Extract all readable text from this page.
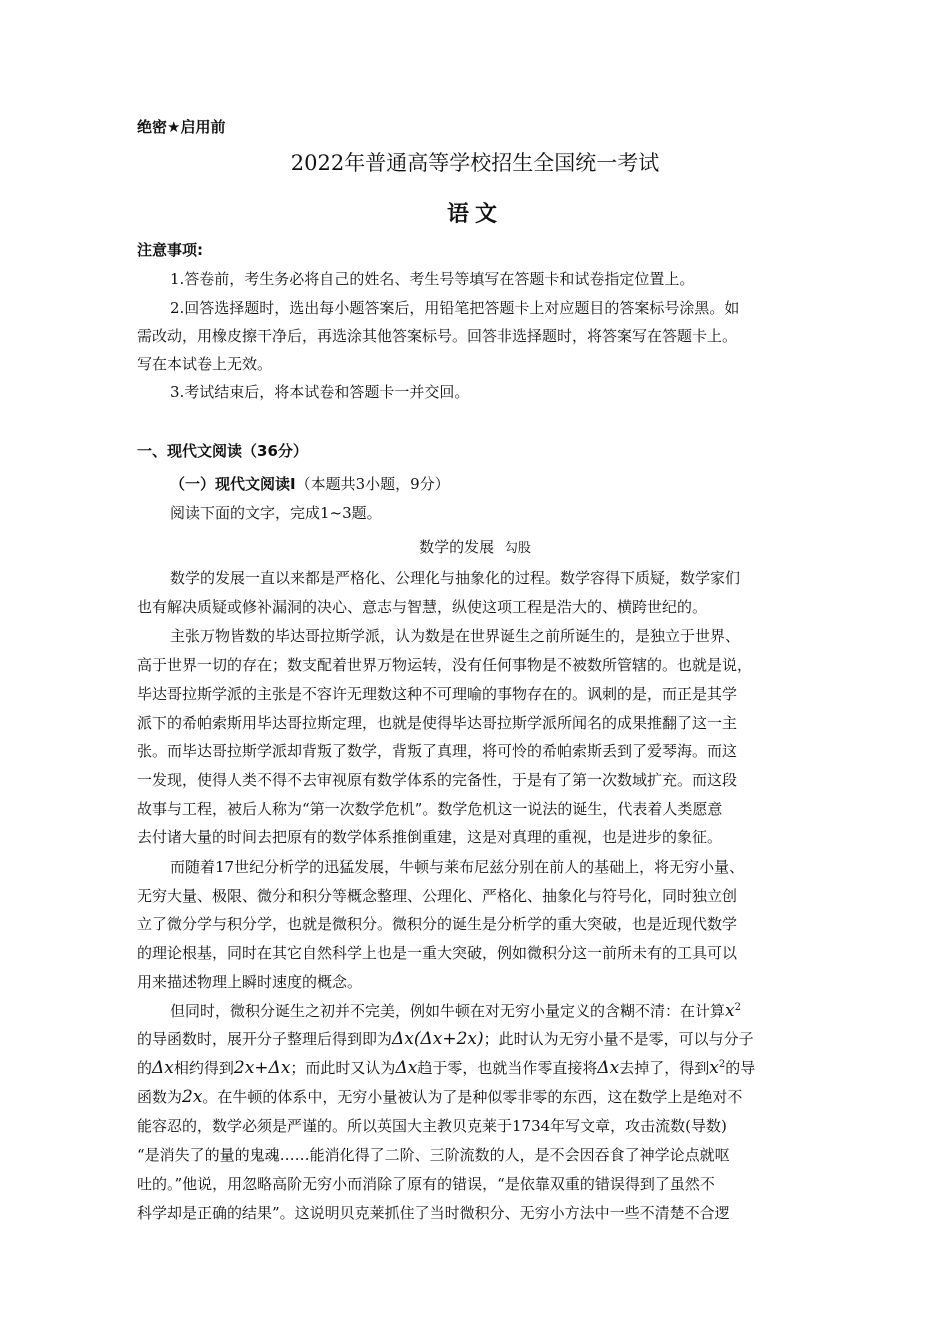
绝密★启用前
2022年普通高等学校招生全国统一考试
语文
注意事项:
1.答卷前，考生务必将自己的姓名、考生号等填写在答题卡和试卷指定位置上。
2.回答选择题时，选出每小题答案后，用铅笔把答题卡上对应题目的答案标号涂黑。如
需改动，用橡皮擦干净后，再选涂其他答案标号。回答非选择题时，将答案写在答题卡上。
写在本试卷上无效。
3.考试结束后，将本试卷和答题卡一并交回。
一、现代文阅读（36分）
（一）现代文阅读Ⅰ（本题共3小题，9分）
阅读下面的文字，完成1~3题。
数学的发展 勾股
数学的发展一直以来都是严格化、公理化与抽象化的过程。数学容得下质疑，数学家们
也有解决质疑或修补漏洞的决心、意志与智慧，纵使这项工程是浩大的、横跨世纪的。
主张万物皆数的毕达哥拉斯学派，认为数是在世界诞生之前所诞生的，是独立于世界、
高于世界一切的存在；数支配着世界万物运转，没有任何事物是不被数所管辖的。也就是说，
毕达哥拉斯学派的主张是不容许无理数这种不可理喻的事物存在的。讽刺的是，而正是其学
派下的希帕索斯用毕达哥拉斯定理，也就是使得毕达哥拉斯学派所闻名的成果推翻了这一主
张。而毕达哥拉斯学派却背叛了数学，背叛了真理，将可怜的希帕索斯丢到了爱琴海。而这
一发现，使得人类不得不去审视原有数学体系的完备性，于是有了第一次数域扩充。而这段
故事与工程，被后人称为“第一次数学危机”。数学危机这一说法的诞生，代表着人类愿意
去付诸大量的时间去把原有的数学体系推倒重建，这是对真理的重视，也是进步的象征。
而随着17世纪分析学的迅猛发展，牛顿与莱布尼兹分别在前人的基础上，将无穷小量、
无穷大量、极限、微分和积分等概念整理、公理化、严格化、抽象化与符号化，同时独立创
立了微分学与积分学，也就是微积分。微积分的诞生是分析学的重大突破，也是近现代数学
的理论根基，同时在其它自然科学上也是一重大突破，例如微积分这一前所未有的工具可以
用来描述物理上瞬时速度的概念。
但同时，微积分诞生之初并不完美，例如牛顿在对无穷小量定义的含糊不清：在计算$x^2$
的导函数时，展开分子整理后得到即为Δx(Δx+2x)；此时认为无穷小量不是零，可以与分子
的Δx相约得到2x+Δx；而此时又认为Δx趋于零，也就当作零直接将Δx去掉了，得到$x^2$的导
函数为2x。在牛顿的体系中，无穷小量被认为了是种似零非零的东西，这在数学上是绝对不
能容忍的，数学必须是严谨的。所以英国大主教贝克莱于1734年写文章，攻击流数(导数)
“是消失了的量的鬼魂……能消化得了二阶、三阶流数的人，是不会因吞食了神学论点就呕
吐的。”他说，用忽略高阶无穷小而消除了原有的错误，“是依靠双重的错误得到了虽然不
科学却是正确的结果”。这说明贝克莱抓住了当时微积分、无穷小方法中一些不清楚不合逻
